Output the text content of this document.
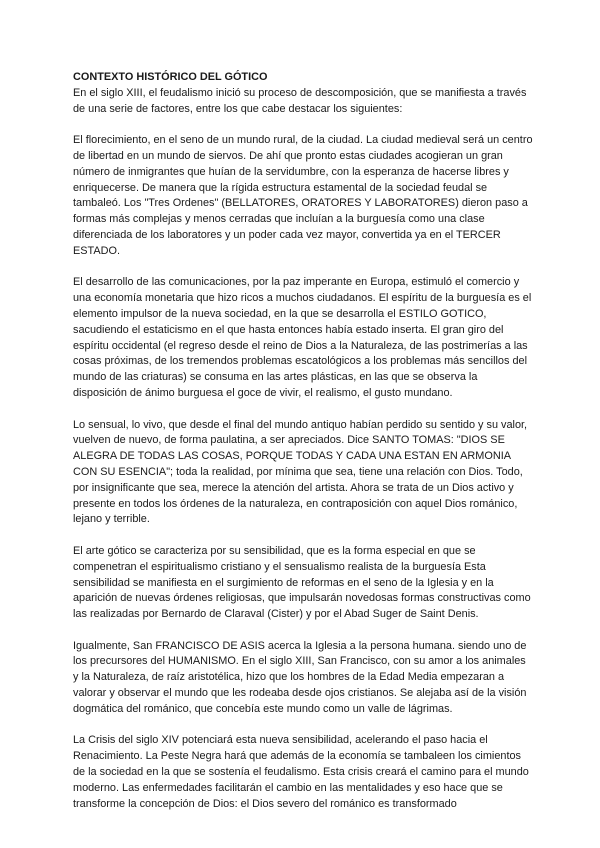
CONTEXTO HISTÓRICO DEL GÓTICO

En el siglo XIII, el feudalismo inició su proceso de descomposición, que se manifiesta a través de una serie de factores, entre los que cabe destacar los siguientes:

El florecimiento, en el seno de un mundo rural, de la ciudad. La ciudad medieval será un centro de libertad en un mundo de siervos. De ahí que pronto estas ciudades acogieran un gran número de inmigrantes que huían de la servidumbre, con la esperanza de hacerse libres y enriquecerse. De manera que la rígida estructura estamental de la sociedad feudal se tambaleó. Los "Tres Ordenes" (BELLATORES, ORATORES Y LABORATORES) dieron paso a formas más complejas y menos cerradas que incluían a la burguesía como una clase diferenciada de los laboratores y un poder cada vez mayor, convertida ya en el TERCER ESTADO.

El desarrollo de las comunicaciones, por la paz imperante en Europa, estimuló el comercio y una economía monetaria que hizo ricos a muchos ciudadanos. El espíritu de la burguesía es el elemento impulsor de la nueva sociedad, en la que se desarrolla el ESTILO GOTICO, sacudiendo el estaticismo en el que hasta entonces había estado inserta. El gran giro del espíritu occidental (el regreso desde el reino de Dios a la Naturaleza, de las postrimerías a las cosas próximas, de los tremendos problemas escatológicos a los problemas más sencillos del mundo de las criaturas) se consuma en las artes plásticas, en las que se observa la disposición de ánimo burguesa el goce de vivir, el realismo, el gusto mundano.

Lo sensual, lo vivo, que desde el final del mundo antiquo habían perdido su sentido y su valor, vuelven de nuevo, de forma paulatina, a ser apreciados. Dice SANTO TOMAS: "DIOS SE ALEGRA DE TODAS LAS COSAS, PORQUE TODAS Y CADA UNA ESTAN EN ARMONIA CON SU ESENCIA"; toda la realidad, por mínima que sea, tiene una relación con Dios. Todo, por insignificante que sea, merece la atención del artista. Ahora se trata de un Dios activo y presente en todos los órdenes de la naturaleza, en contraposición con aquel Dios románico, lejano y terrible.

El arte gótico se caracteriza por su sensibilidad, que es la forma especial en que se compenetran el espiritualismo cristiano y el sensualismo realista de la burguesía Esta sensibilidad se manifiesta en el surgimiento de reformas en el seno de la Iglesia y en la aparición de nuevas órdenes religiosas, que impulsarán novedosas formas constructivas como las realizadas por Bernardo de Claraval (Cister) y por el Abad Suger de Saint Denis.

Igualmente, San FRANCISCO DE ASIS acerca la Iglesia a la persona humana. siendo uno de los precursores del HUMANISMO. En el siglo XIII, San Francisco, con su amor a los animales y la Naturaleza, de raíz aristotélica, hizo que los hombres de la Edad Media empezaran a valorar y observar el mundo que les rodeaba desde ojos cristianos. Se alejaba así de la visión dogmática del románico, que concebía este mundo como un valle de lágrimas.

La Crisis del siglo XIV potenciará esta nueva sensibilidad, acelerando el paso hacia el Renacimiento. La Peste Negra hará que además de la economía se tambaleen los cimientos de la sociedad en la que se sostenía el feudalismo. Esta crisis creará el camino para el mundo moderno. Las enfermedades facilitarán el cambio en las mentalidades y eso hace que se transforme la concepción de Dios: el Dios severo del románico es transformado
